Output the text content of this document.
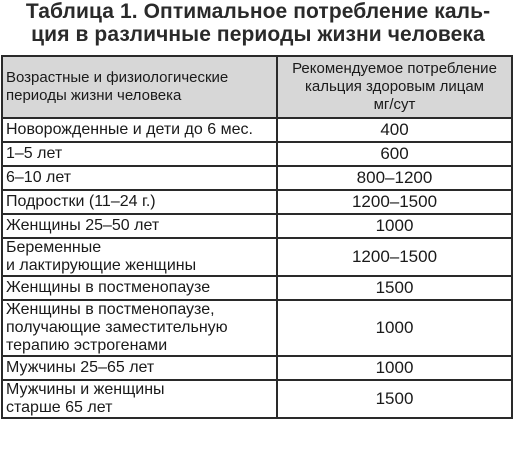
Таблица 1. Оптимальное потребление каль-
ция в различные периоды жизни человека
Возрастные и физиологические
периоды жизни человека	Рекомендуемое потребление
кальция здоровым лицам
мг/сут

Новорожденные и дети до 6 мес.	400

1–5 лет	600

6–10 лет	800–1200

Подростки (11–24 г.)	1200–1500

Женщины 25–50 лет	1000

Беременные
и лактирующие женщины	1200–1500

Женщины в постменопаузе	1500

Женщины в постменопаузе,
получающие заместительную
терапию эстрогенами	1000

Мужчины 25–65 лет	1000

Мужчины и женщины
старше 65 лет	1500
